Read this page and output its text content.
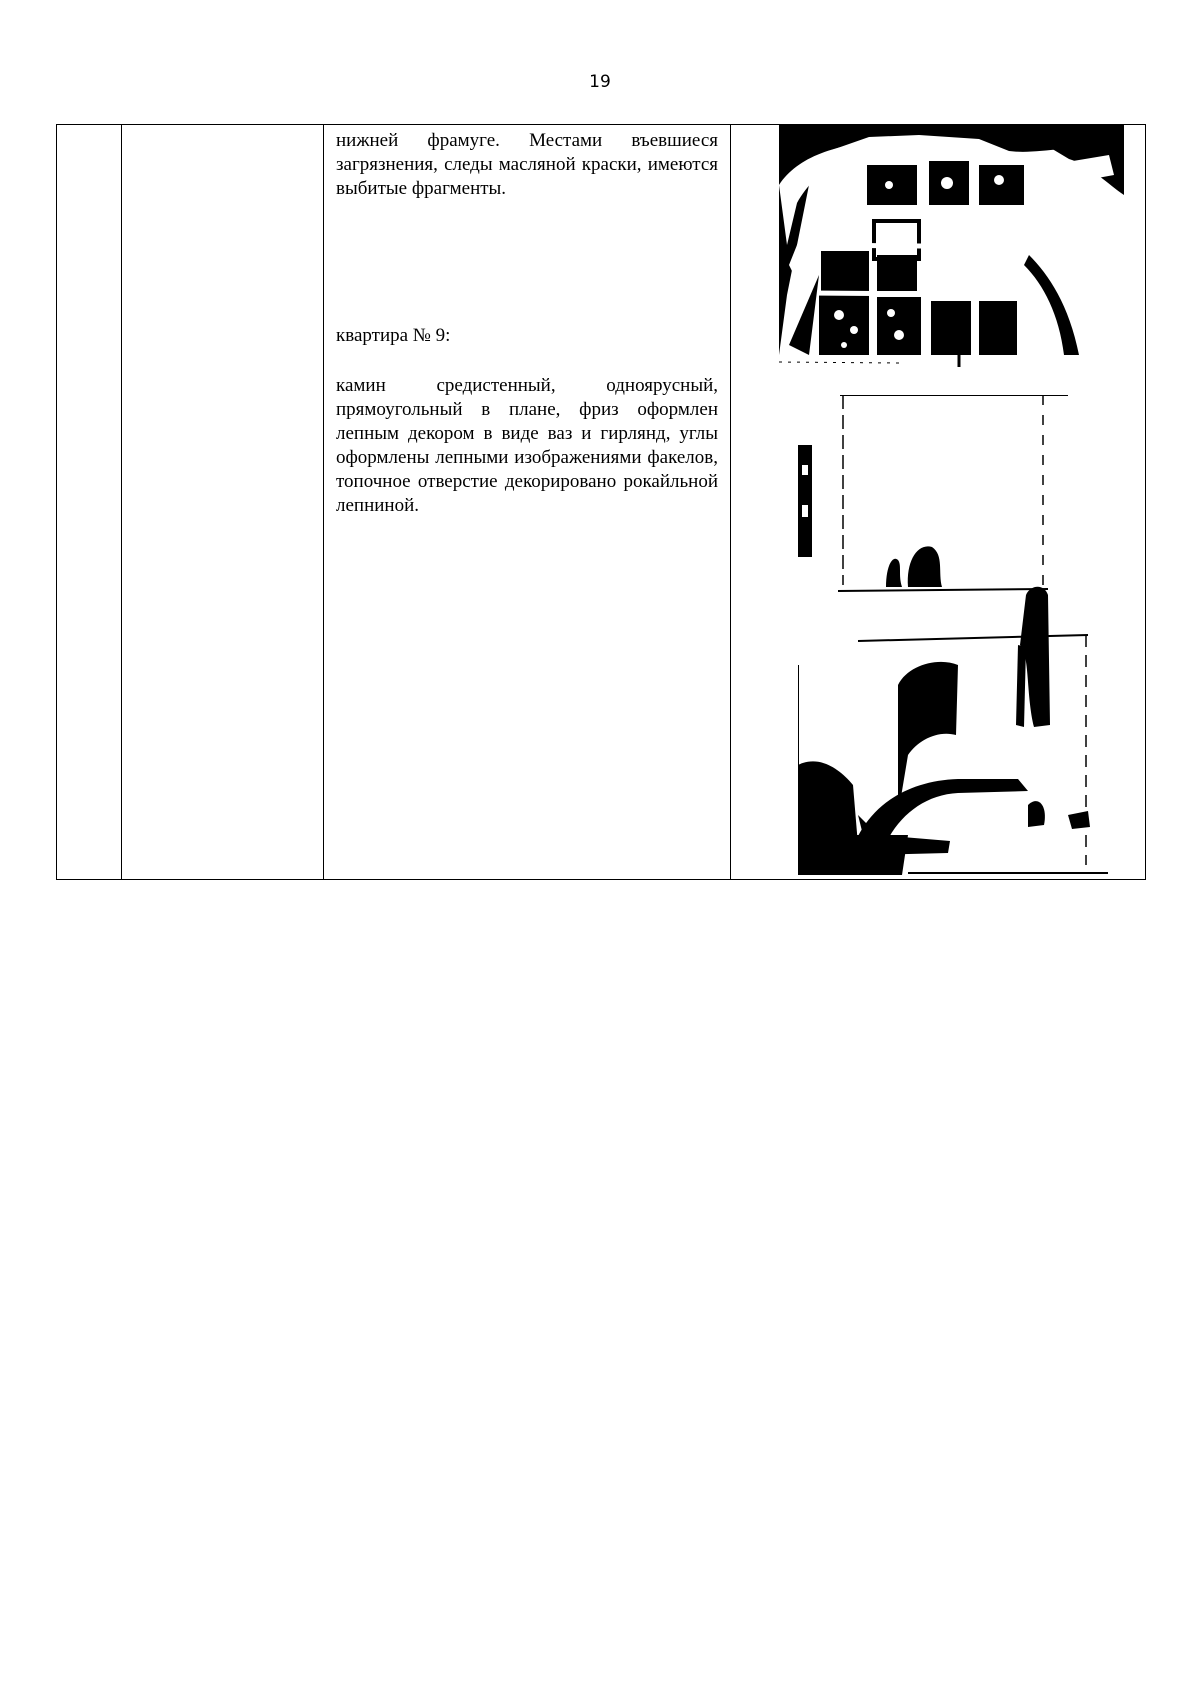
19

нижней фрамуге. Местами въевшиеся загрязнения, следы масляной краски, имеются выбитые фрагменты.

квартира № 9:

камин средистенный, одноярусный, прямоугольный в плане, фриз оформлен лепным декором в виде ваз и гирлянд, углы оформлены лепными изображениями факелов, топочное отверстие декорировано рокайльной лепниной.
